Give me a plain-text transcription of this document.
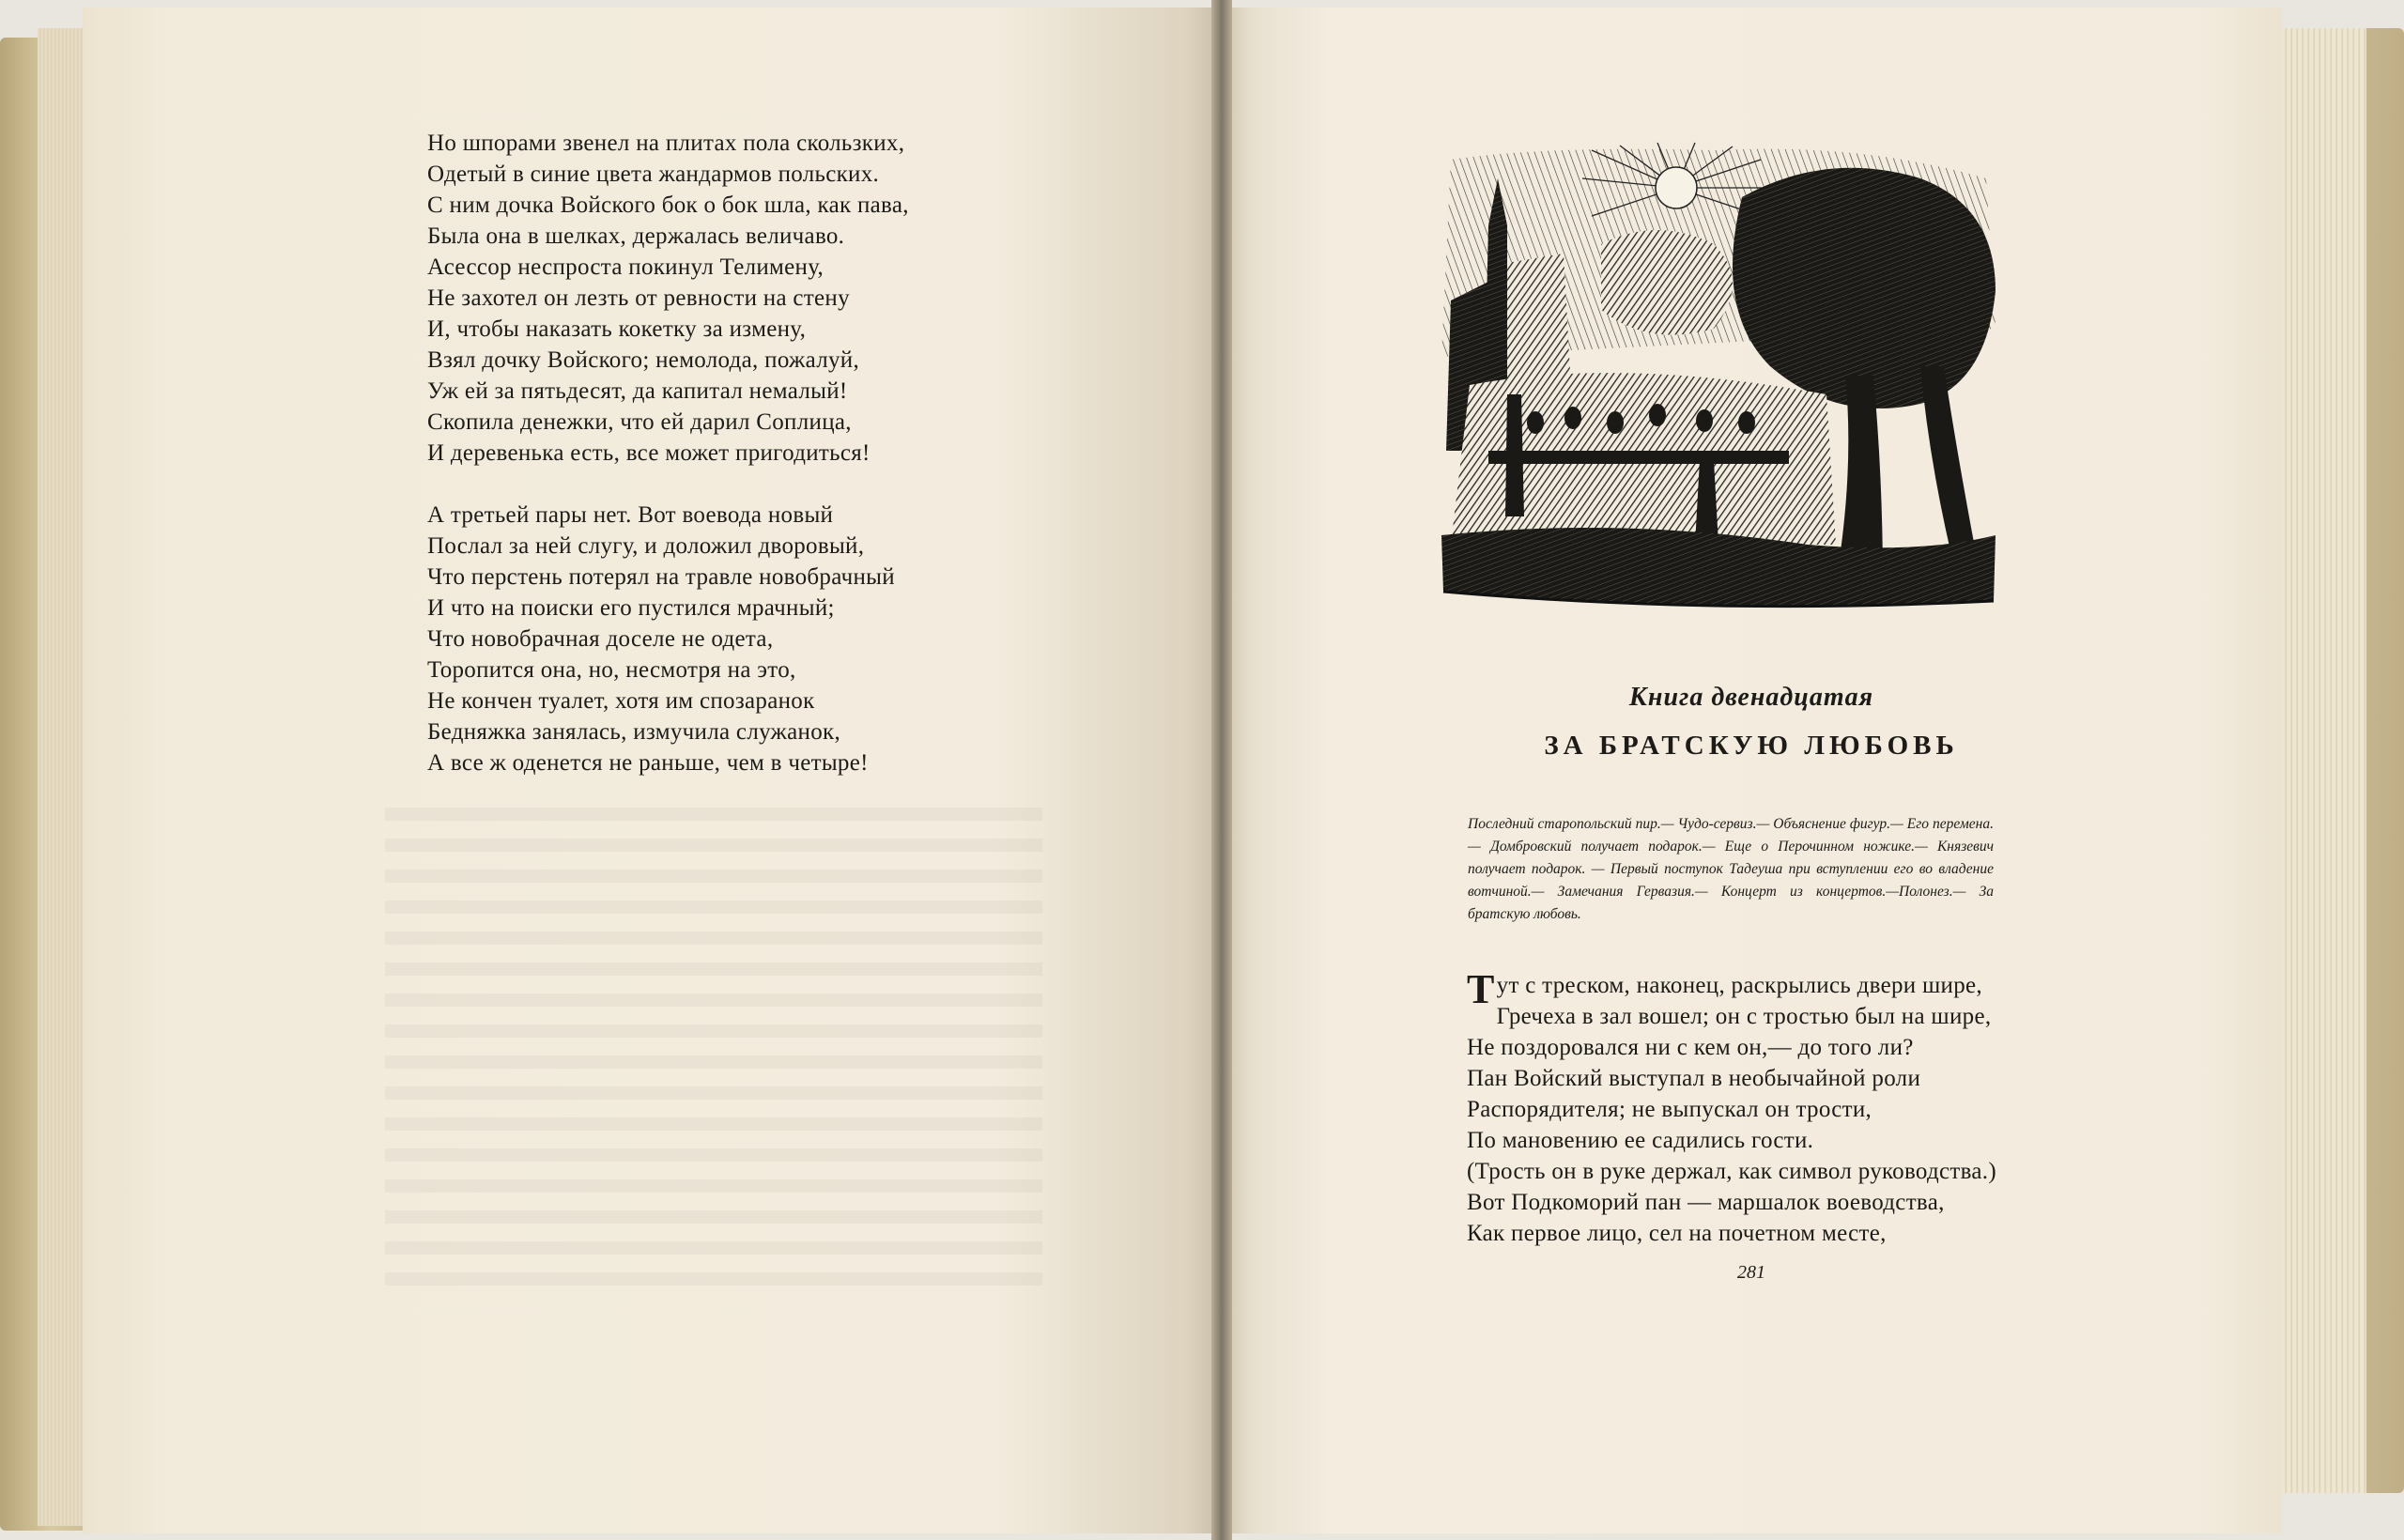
Но шпорами звенел на плитах пола скользких,
Одетый в синие цвета жандармов польских.
С ним дочка Войского бок о бок шла, как пава,
Была она в шелках, держалась величаво.
Асессор неспроста покинул Телимену,
Не захотел он лезть от ревности на стену
И, чтобы наказать кокетку за измену,
Взял дочку Войского; немолода, пожалуй,
Уж ей за пятьдесят, да капитал немалый!
Скопила денежки, что ей дарил Соплица,
И деревенька есть, все может пригодиться!
А третьей пары нет. Вот воевода новый
Послал за ней слугу, и доложил дворовый,
Что перстень потерял на травле новобрачный
И что на поиски его пустился мрачный;
Что новобрачная доселе не одета,
Торопится она, но, несмотря на это,
Не кончен туалет, хотя им спозаранок
Бедняжка занялась, измучила служанок,
А все ж оденется не раньше, чем в четыре!
Книга двенадцатая
ЗА БРАТСКУЮ ЛЮБОВЬ
Последний старопольский пир.— Чудо-сервиз.— Объяснение фигур.— Его перемена.— Домбровский получает подарок.— Еще о Перочинном ножике.— Князевич получает подарок. — Первый поступок Тадеуша при вступлении его во владение вотчиной.— Замечания Гервазия.— Концерт из концертов.—Полонез.— За братскую любовь.
Тут с треском, наконец, раскрылись двери шире,
Гречеха в зал вошел; он с тростью был на шире,
Не поздоровался ни с кем он,— до того ли?
Пан Войский выступал в необычайной роли
Распорядителя; не выпускал он трости,
По мановению ее садились гости.
(Трость он в руке держал, как символ руководства.)
Вот Подкоморий пан — маршалок воеводства,
Как первое лицо, сел на почетном месте,
281
